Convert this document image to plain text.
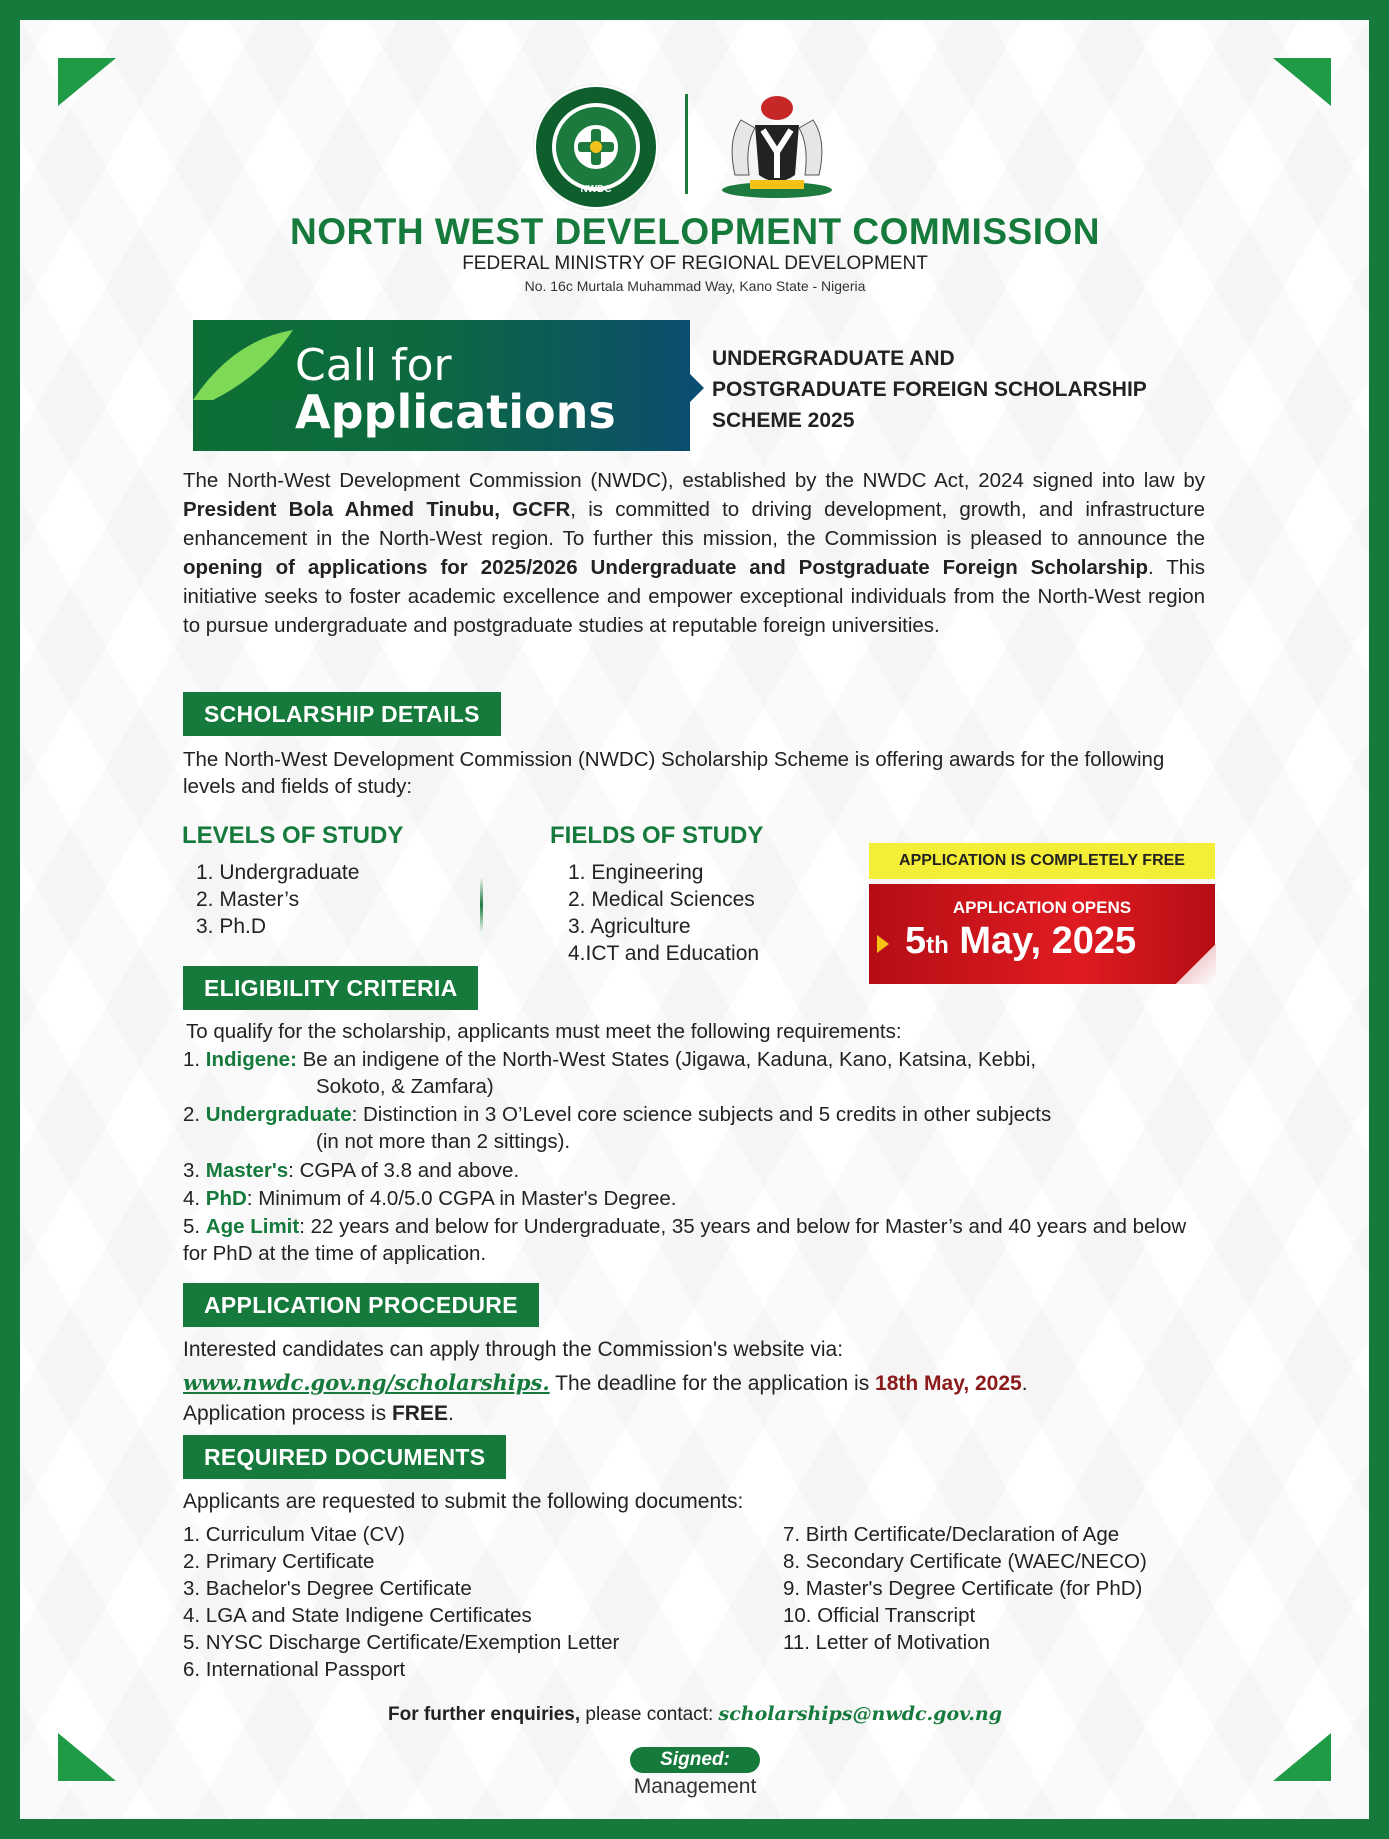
NWDC
NORTH WEST DEVELOPMENT COMMISSION
FEDERAL MINISTRY OF REGIONAL DEVELOPMENT
No. 16c Murtala Muhammad Way, Kano State - Nigeria
Call for
Applications
UNDERGRADUATE AND
POSTGRADUATE FOREIGN SCHOLARSHIP
SCHEME 2025
The North-West Development Commission (NWDC), established by the NWDC Act, 2024 signed into law by President Bola Ahmed Tinubu, GCFR, is committed to driving development, growth, and infrastructure enhancement in the North-West region. To further this mission, the Commission is pleased to announce the opening of applications for 2025/2026 Undergraduate and Postgraduate Foreign Scholarship. This initiative seeks to foster academic excellence and empower exceptional individuals from the North-West region to pursue undergraduate and postgraduate studies at reputable foreign universities.
SCHOLARSHIP DETAILS
The North-West Development Commission (NWDC) Scholarship Scheme is offering awards for the following levels and fields of study:
LEVELS OF STUDY
1. Undergraduate
2. Master’s
3. Ph.D
FIELDS OF STUDY
1. Engineering
2. Medical Sciences
3. Agriculture
4.ICT and Education
APPLICATION IS COMPLETELY FREE
APPLICATION OPENS
5th May, 2025
ELIGIBILITY CRITERIA
To qualify for the scholarship, applicants must meet the following requirements:
1. Indigene: Be an indigene of the North-West States (Jigawa, Kaduna, Kano, Katsina, Kebbi,
Sokoto, & Zamfara)
2. Undergraduate: Distinction in 3 O’Level core science subjects and 5 credits in other subjects
(in not more than 2 sittings).
3. Master's: CGPA of 3.8 and above.
4. PhD: Minimum of 4.0/5.0 CGPA in Master's Degree.
5. Age Limit: 22 years and below for Undergraduate, 35 years and below for Master’s and 40 years and below for PhD at the time of application.
APPLICATION PROCEDURE
Interested candidates can apply through the Commission's website via:
www.nwdc.gov.ng/scholarships. The deadline for the application is 18th May, 2025.
Application process is FREE.
REQUIRED DOCUMENTS
Applicants are requested to submit the following documents:
1. Curriculum Vitae (CV)
2. Primary Certificate
3. Bachelor's Degree Certificate
4. LGA and State Indigene Certificates
5. NYSC Discharge Certificate/Exemption Letter
6. International Passport
7. Birth Certificate/Declaration of Age
8. Secondary Certificate (WAEC/NECO)
9. Master's Degree Certificate (for PhD)
10. Official Transcript
11. Letter of Motivation
For further enquiries, please contact: scholarships@nwdc.gov.ng
Signed:
Management
